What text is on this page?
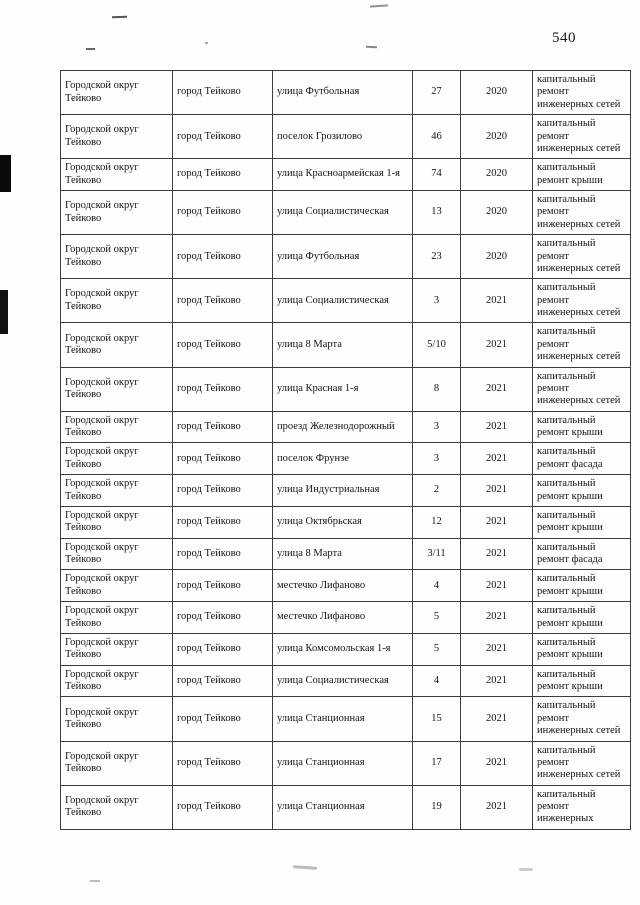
540
Городской округ Тейково	город Тейково	улица Футбольная	27	2020	капитальный ремонт инженерных сетей
Городской округ Тейково	город Тейково	поселок Грозилово	46	2020	капитальный ремонт инженерных сетей
Городской округ Тейково	город Тейково	улица Красноармейская 1-я	74	2020	капитальный ремонт крыши
Городской округ Тейково	город Тейково	улица Социалистическая	13	2020	капитальный ремонт инженерных сетей
Городской округ Тейково	город Тейково	улица Футбольная	23	2020	капитальный ремонт инженерных сетей
Городской округ Тейково	город Тейково	улица Социалистическая	3	2021	капитальный ремонт инженерных сетей
Городской округ Тейково	город Тейково	улица 8 Марта	5/10	2021	капитальный ремонт инженерных сетей
Городской округ Тейково	город Тейково	улица Красная 1-я	8	2021	капитальный ремонт инженерных сетей
Городской округ Тейково	город Тейково	проезд Железнодорожный	3	2021	капитальный ремонт крыши
Городской округ Тейково	город Тейково	поселок Фрунзе	3	2021	капитальный ремонт фасада
Городской округ Тейково	город Тейково	улица Индустриальная	2	2021	капитальный ремонт крыши
Городской округ Тейково	город Тейково	улица Октябрьская	12	2021	капитальный ремонт крыши
Городской округ Тейково	город Тейково	улица 8 Марта	3/11	2021	капитальный ремонт фасада
Городской округ Тейково	город Тейково	местечко Лифаново	4	2021	капитальный ремонт крыши
Городской округ Тейково	город Тейково	местечко Лифаново	5	2021	капитальный ремонт крыши
Городской округ Тейково	город Тейково	улица Комсомольская 1-я	5	2021	капитальный ремонт крыши
Городской округ Тейково	город Тейково	улица Социалистическая	4	2021	капитальный ремонт крыши
Городской округ Тейково	город Тейково	улица Станционная	15	2021	капитальный ремонт инженерных сетей
Городской округ Тейково	город Тейково	улица Станционная	17	2021	капитальный ремонт инженерных сетей
Городской округ Тейково	город Тейково	улица Станционная	19	2021	капитальный ремонт инженерных
